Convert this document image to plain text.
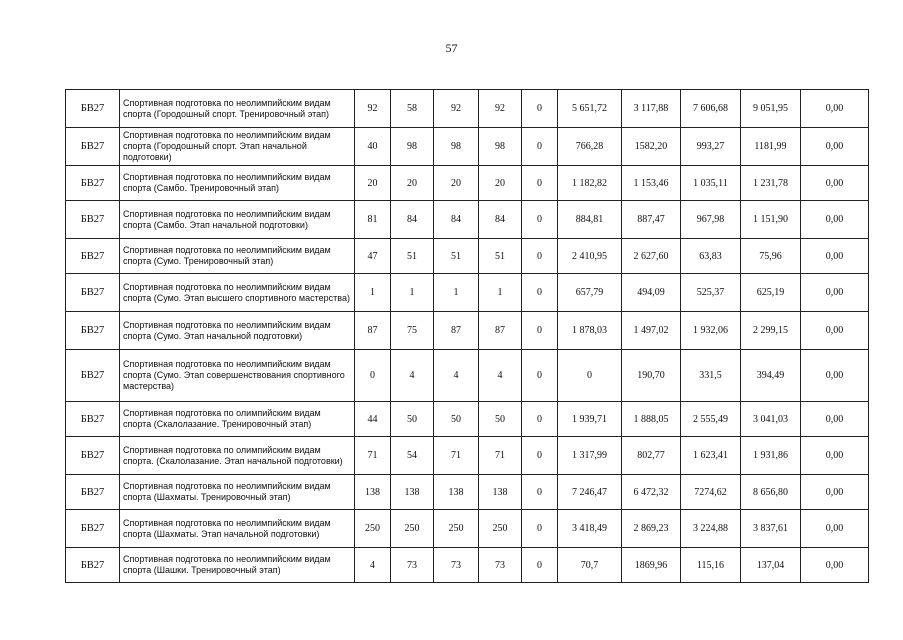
57
БВ27	Спортивная подготовка по неолимпийским видам спорта (Городошный спорт. Тренировочный этап)	92	58	92	92	0	5 651,72	3 117,88	7 606,68	9 051,95	0,00
БВ27	Спортивная подготовка по неолимпийским видам спорта (Городошный спорт. Этап начальной подготовки)	40	98	98	98	0	766,28	1582,20	993,27	1181,99	0,00
БВ27	Спортивная подготовка по неолимпийским видам спорта (Самбо. Тренировочный этап)	20	20	20	20	0	1 182,82	1 153,46	1 035,11	1 231,78	0,00
БВ27	Спортивная подготовка по неолимпийским видам спорта (Самбо. Этап начальной подготовки)	81	84	84	84	0	884,81	887,47	967,98	1 151,90	0,00
БВ27	Спортивная подготовка по неолимпийским видам спорта (Сумо. Тренировочный этап)	47	51	51	51	0	2 410,95	2 627,60	63,83	75,96	0,00
БВ27	Спортивная подготовка по неолимпийским видам спорта (Сумо. Этап высшего спортивного мастерства)	1	1	1	1	0	657,79	494,09	525,37	625,19	0,00
БВ27	Спортивная подготовка по неолимпийским видам спорта (Сумо. Этап начальной подготовки)	87	75	87	87	0	1 878,03	1 497,02	1 932,06	2 299,15	0,00
БВ27	Спортивная подготовка по неолимпийским видам спорта (Сумо. Этап совершенствования спортивного мастерства)	0	4	4	4	0	0	190,70	331,5	394,49	0,00
БВ27	Спортивная подготовка по олимпийским видам спорта (Скалолазание. Тренировочный этап)	44	50	50	50	0	1 939,71	1 888,05	2 555,49	3 041,03	0,00
БВ27	Спортивная подготовка по олимпийским видам спорта. (Скалолазание. Этап начальной подготовки)	71	54	71	71	0	1 317,99	802,77	1 623,41	1 931,86	0,00
БВ27	Спортивная подготовка по неолимпийским видам спорта (Шахматы. Тренировочный этап)	138	138	138	138	0	7 246,47	6 472,32	7274,62	8 656,80	0,00
БВ27	Спортивная подготовка по неолимпийским видам спорта (Шахматы. Этап начальной подготовки)	250	250	250	250	0	3 418,49	2 869,23	3 224,88	3 837,61	0,00
БВ27	Спортивная подготовка по неолимпийским видам спорта (Шашки. Тренировочный этап)	4	73	73	73	0	70,7	1869,96	115,16	137,04	0,00
